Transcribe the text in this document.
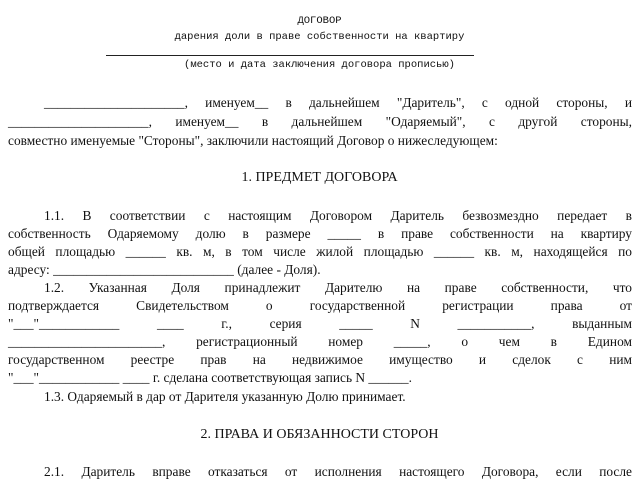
ДОГОВОР
дарения доли в праве собственности на квартиру
(место и дата заключения договора прописью)
_____________________, именуем__ в дальнейшем "Даритель", с одной стороны, и
_____________________, именуем__ в дальнейшем "Одаряемый", с другой стороны,
совместно именуемые "Стороны", заключили настоящий Договор о нижеследующем:
1. ПРЕДМЕТ ДОГОВОРА
1.1. В соответствии с настоящим Договором Даритель безвозмездно передает в
собственность Одаряемому долю в размере _____ в праве собственности на квартиру
общей площадью ______ кв. м, в том числе жилой площадью ______ кв. м, находящейся по
адресу: ___________________________ (далее - Доля).
1.2. Указанная Доля принадлежит Дарителю на праве собственности, что
подтверждается Свидетельством о государственной регистрации права от
"___"____________ ____ г., серия _____ N ___________, выданным
_______________________, регистрационный номер _____, о чем в Едином
государственном реестре прав на недвижимое имущество и сделок с ним
"___"____________ ____ г. сделана соответствующая запись N ______.
1.3. Одаряемый в дар от Дарителя указанную Долю принимает.
2. ПРАВА И ОБЯЗАННОСТИ СТОРОН
2.1. Даритель вправе отказаться от исполнения настоящего Договора, если после
